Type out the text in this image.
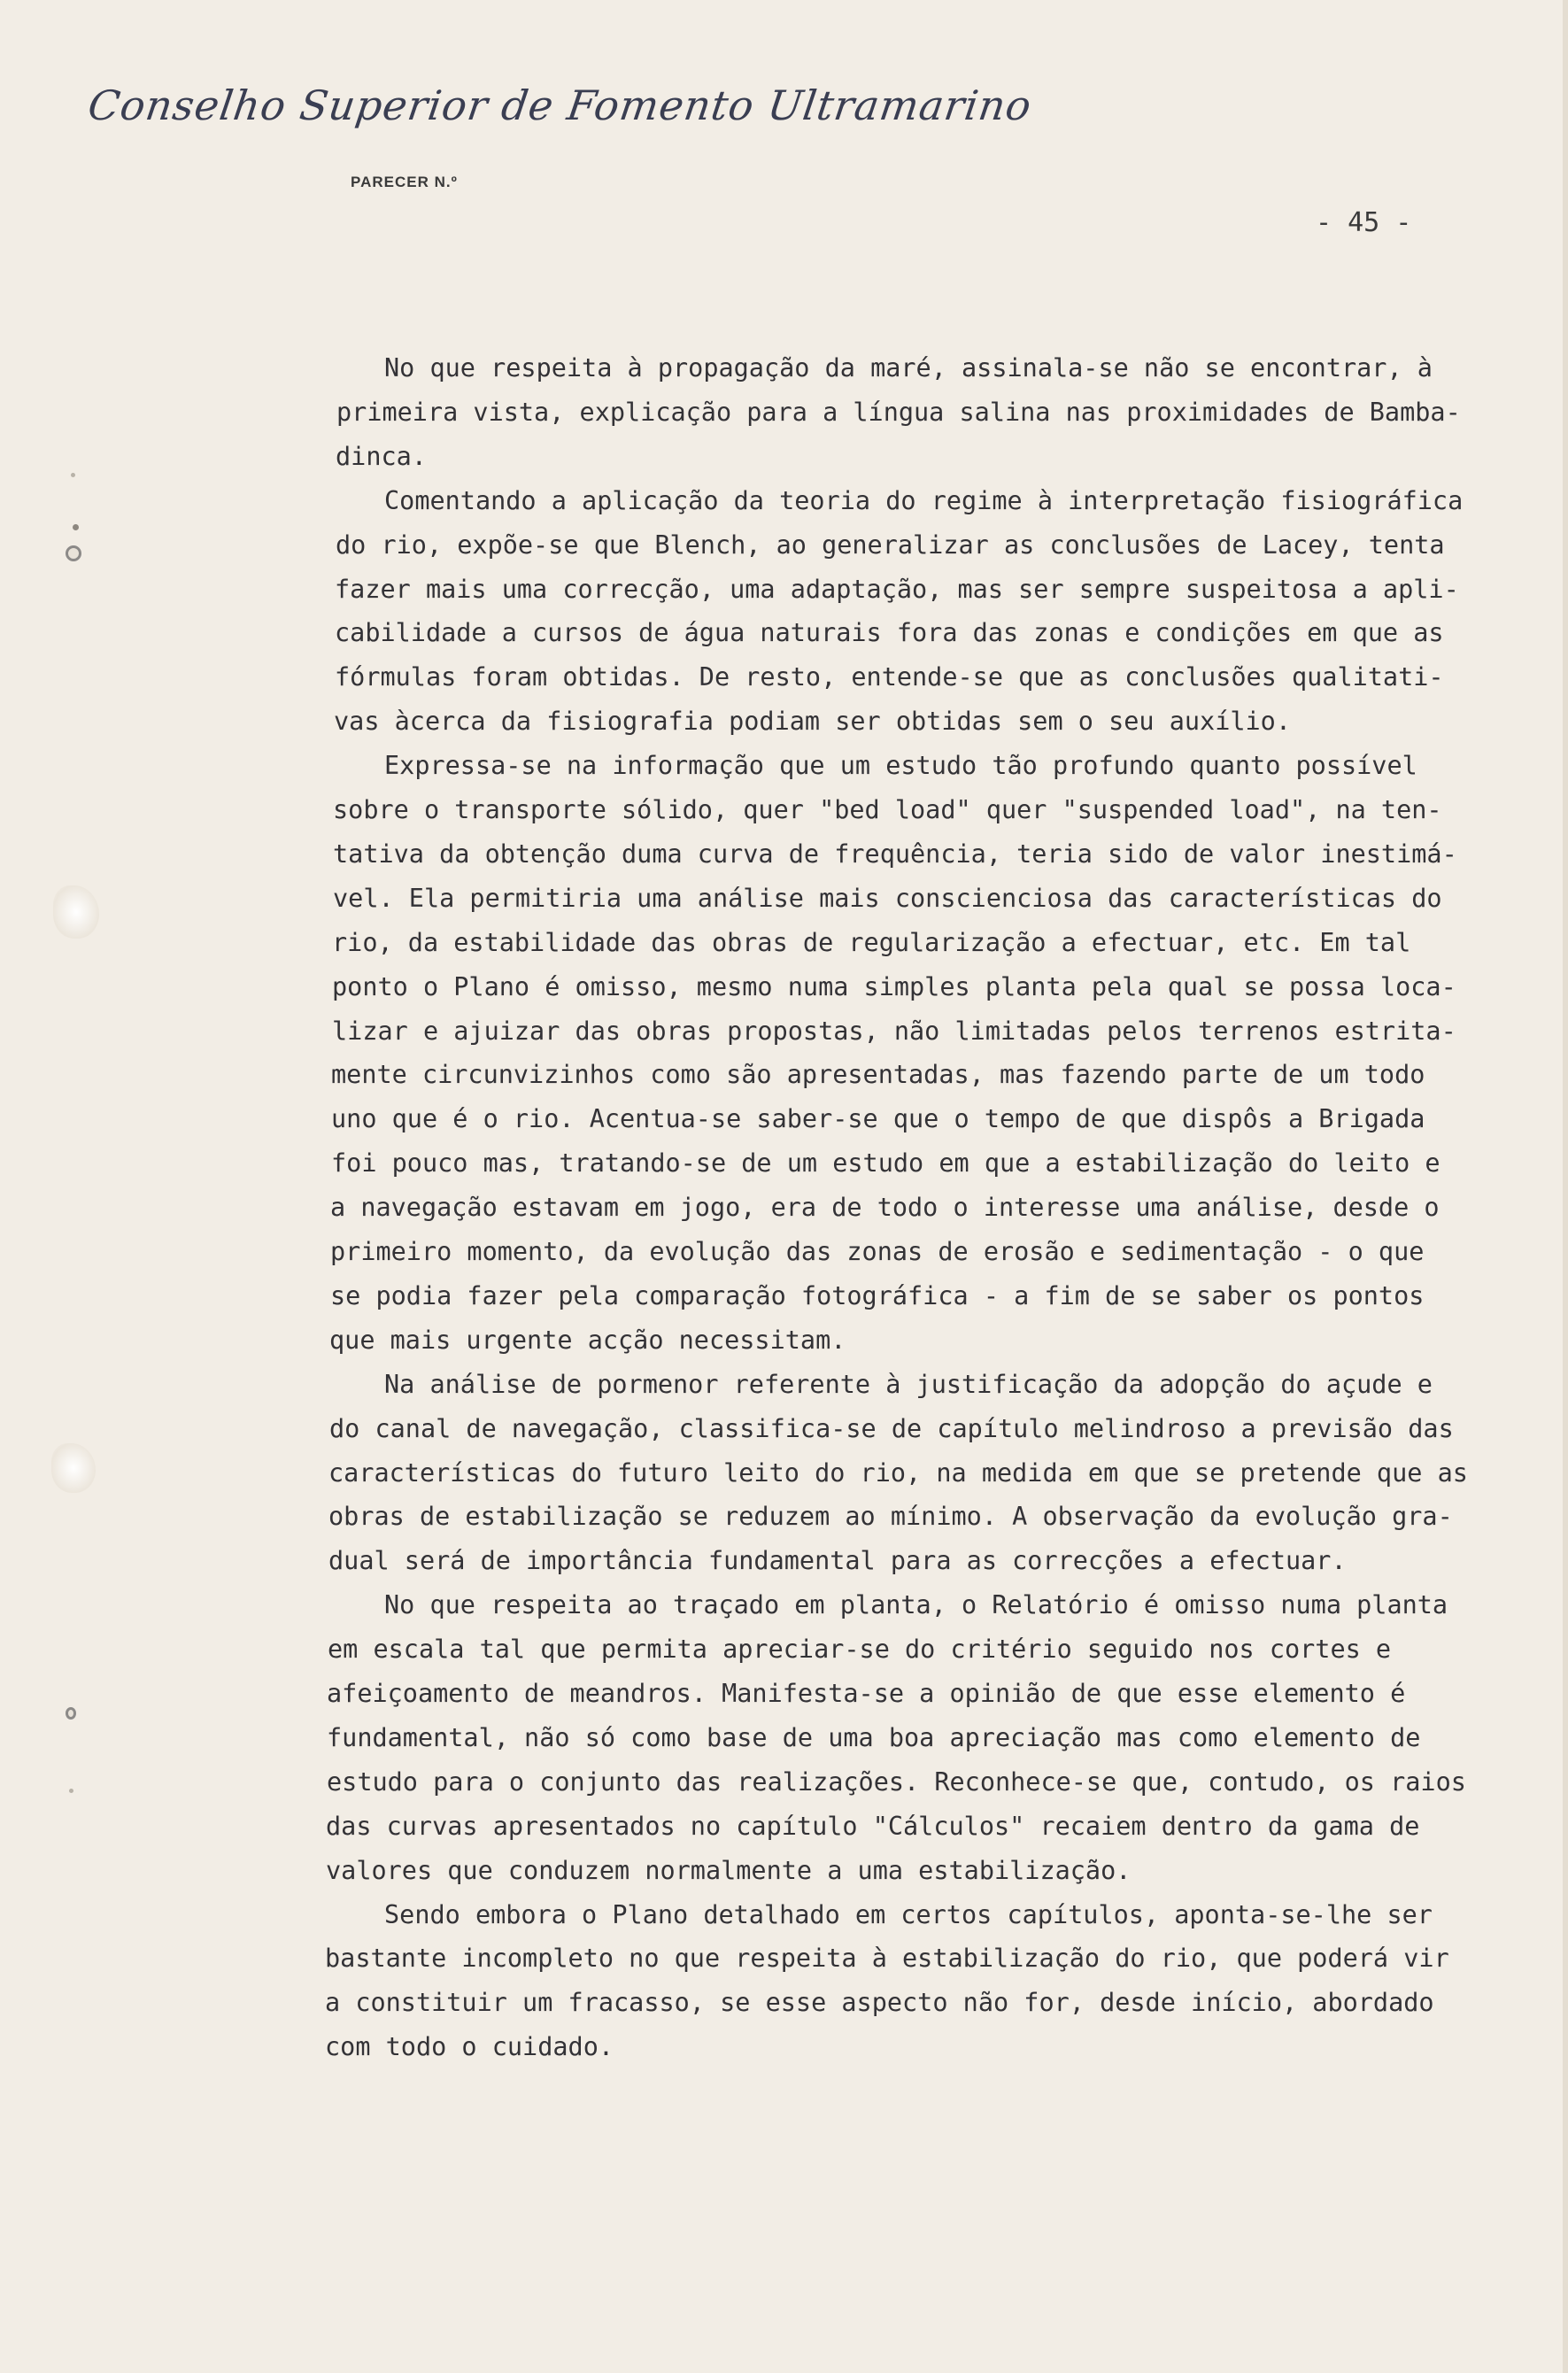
Conselho Superior de Fomento Ultramarino
PARECER N.º
- 45 -
No que respeita à propagação da maré, assinala-se não se encontrar, à
primeira vista, explicação para a língua salina nas proximidades de Bamba-
dinca.
Comentando a aplicação da teoria do regime à interpretação fisiográfica
do rio, expõe-se que Blench, ao generalizar as conclusões de Lacey, tenta
fazer mais uma correcção, uma adaptação, mas ser sempre suspeitosa a apli-
cabilidade a cursos de água naturais fora das zonas e condições em que as
fórmulas foram obtidas. De resto, entende-se que as conclusões qualitati-
vas àcerca da fisiografia podiam ser obtidas sem o seu auxílio.
Expressa-se na informação que um estudo tão profundo quanto possível
sobre o transporte sólido, quer "bed load" quer "suspended load", na ten-
tativa da obtenção duma curva de frequência, teria sido de valor inestimá-
vel. Ela permitiria uma análise mais conscienciosa das características do
rio, da estabilidade das obras de regularização a efectuar, etc. Em tal
ponto o Plano é omisso, mesmo numa simples planta pela qual se possa loca-
lizar e ajuizar das obras propostas, não limitadas pelos terrenos estrita-
mente circunvizinhos como são apresentadas, mas fazendo parte de um todo
uno que é o rio. Acentua-se saber-se que o tempo de que dispôs a Brigada
foi pouco mas, tratando-se de um estudo em que a estabilização do leito e
a navegação estavam em jogo, era de todo o interesse uma análise, desde o
primeiro momento, da evolução das zonas de erosão e sedimentação - o que
se podia fazer pela comparação fotográfica - a fim de se saber os pontos
que mais urgente acção necessitam.
Na análise de pormenor referente à justificação da adopção do açude e
do canal de navegação, classifica-se de capítulo melindroso a previsão das
características do futuro leito do rio, na medida em que se pretende que as
obras de estabilização se reduzem ao mínimo. A observação da evolução gra-
dual será de importância fundamental para as correcções a efectuar.
No que respeita ao traçado em planta, o Relatório é omisso numa planta
em escala tal que permita apreciar-se do critério seguido nos cortes e
afeiçoamento de meandros. Manifesta-se a opinião de que esse elemento é
fundamental, não só como base de uma boa apreciação mas como elemento de
estudo para o conjunto das realizações. Reconhece-se que, contudo, os raios
das curvas apresentados no capítulo "Cálculos" recaiem dentro da gama de
valores que conduzem normalmente a uma estabilização.
Sendo embora o Plano detalhado em certos capítulos, aponta-se-lhe ser
bastante incompleto no que respeita à estabilização do rio, que poderá vir
a constituir um fracasso, se esse aspecto não for, desde início, abordado
com todo o cuidado.
